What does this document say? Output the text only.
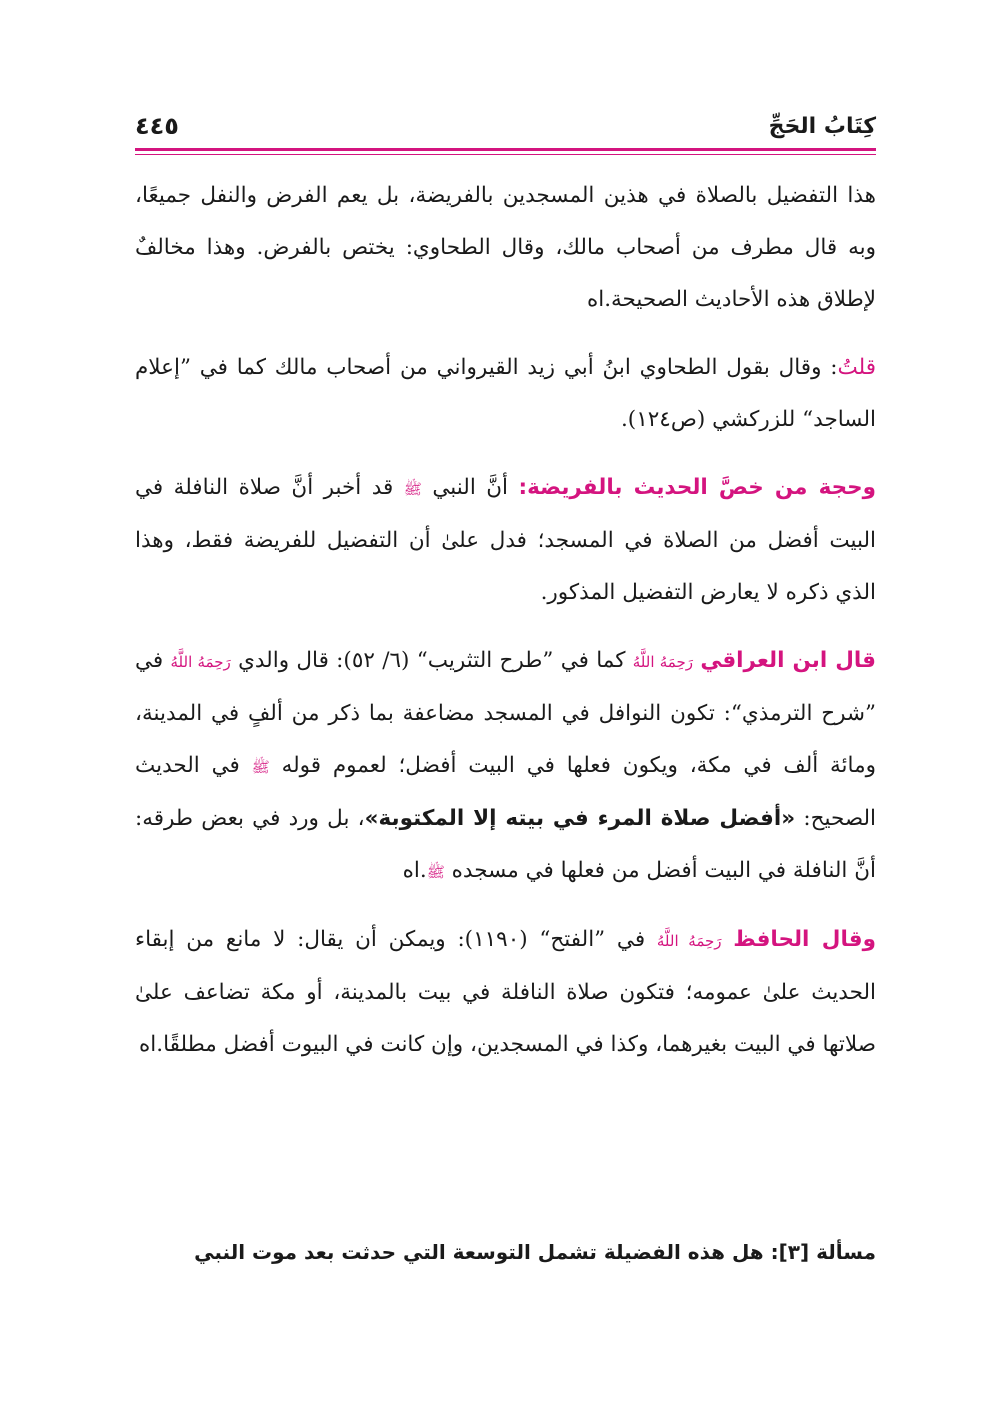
كِتَابُ الحَجِّ
٤٤٥

هذا التفضيل بالصلاة في هذين المسجدين بالفريضة، بل يعم الفرض والنفل جميعًا، وبه قال مطرف من أصحاب مالك، وقال الطحاوي: يختص بالفرض. وهذا مخالفٌ لإطلاق هذه الأحاديث الصحيحة.اه

قلتُ: وقال بقول الطحاوي ابنُ أبي زيد القيرواني من أصحاب مالك كما في ”إعلام الساجد“ للزركشي (ص١٢٤).

وحجة من خصَّ الحديث بالفريضة: أنَّ النبي ﷺ قد أخبر أنَّ صلاة النافلة في البيت أفضل من الصلاة في المسجد؛ فدل علىٰ أن التفضيل للفريضة فقط، وهذا الذي ذكره لا يعارض التفضيل المذكور.

قال ابن العراقي رَحِمَهُ اللَّهُ كما في ”طرح التثريب“ (٦/ ٥٢): قال والدي رَحِمَهُ اللَّهُ في ”شرح الترمذي“: تكون النوافل في المسجد مضاعفة بما ذكر من ألفٍ في المدينة، ومائة ألف في مكة، ويكون فعلها في البيت أفضل؛ لعموم قوله ﷺ في الحديث الصحيح: «أفضل صلاة المرء في بيته إلا المكتوبة»، بل ورد في بعض طرقه: أنَّ النافلة في البيت أفضل من فعلها في مسجده ﷺ.اه

وقال الحافظ رَحِمَهُ اللَّهُ في ”الفتح“ (١١٩٠): ويمكن أن يقال: لا مانع من إبقاء الحديث علىٰ عمومه؛ فتكون صلاة النافلة في بيت بالمدينة، أو مكة تضاعف علىٰ صلاتها في البيت بغيرهما، وكذا في المسجدين، وإن كانت في البيوت أفضل مطلقًا.اه

مسألة [٣]: هل هذه الفضيلة تشمل التوسعة التي حدثت بعد موت النبي
